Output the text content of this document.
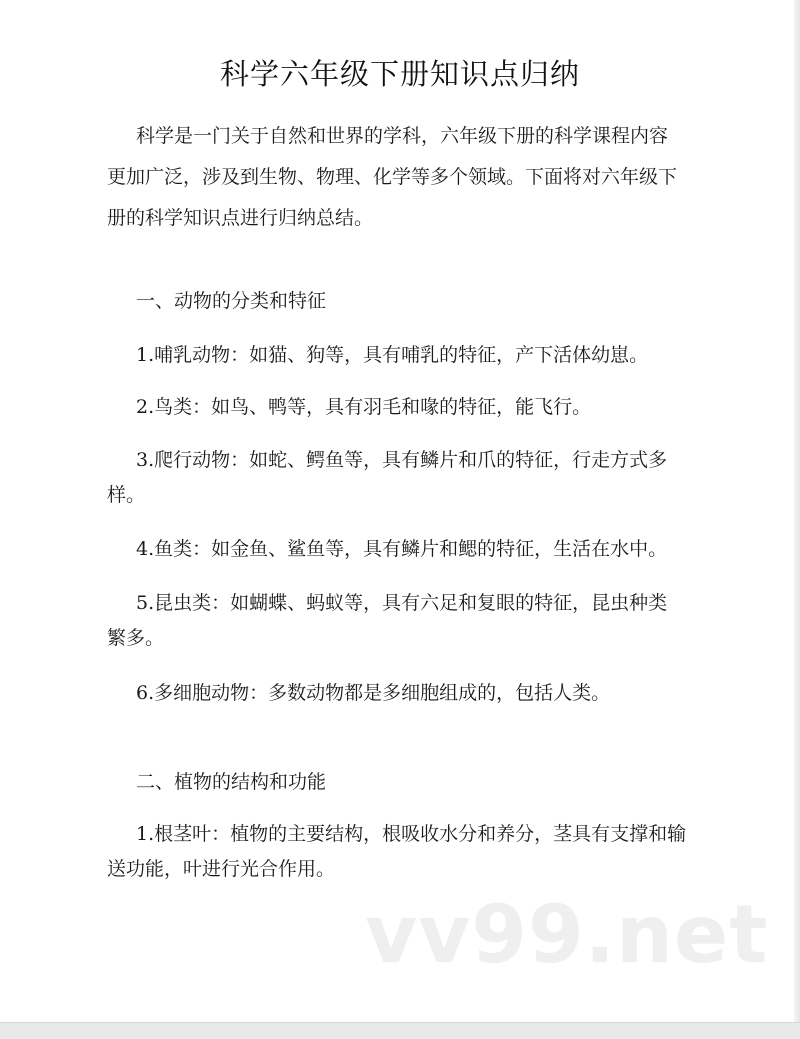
科学六年级下册知识点归纳

科学是一门关于自然和世界的学科，六年级下册的科学课程内容更加广泛，涉及到生物、物理、化学等多个领域。下面将对六年级下册的科学知识点进行归纳总结。

一、动物的分类和特征

1.哺乳动物：如猫、狗等，具有哺乳的特征，产下活体幼崽。

2.鸟类：如鸟、鸭等，具有羽毛和喙的特征，能飞行。

3.爬行动物：如蛇、鳄鱼等，具有鳞片和爪的特征，行走方式多样。

4.鱼类：如金鱼、鲨鱼等，具有鳞片和鳃的特征，生活在水中。

5.昆虫类：如蝴蝶、蚂蚁等，具有六足和复眼的特征，昆虫种类繁多。

6.多细胞动物：多数动物都是多细胞组成的，包括人类。

二、植物的结构和功能

1.根茎叶：植物的主要结构，根吸收水分和养分，茎具有支撑和输送功能，叶进行光合作用。

vv99.net
